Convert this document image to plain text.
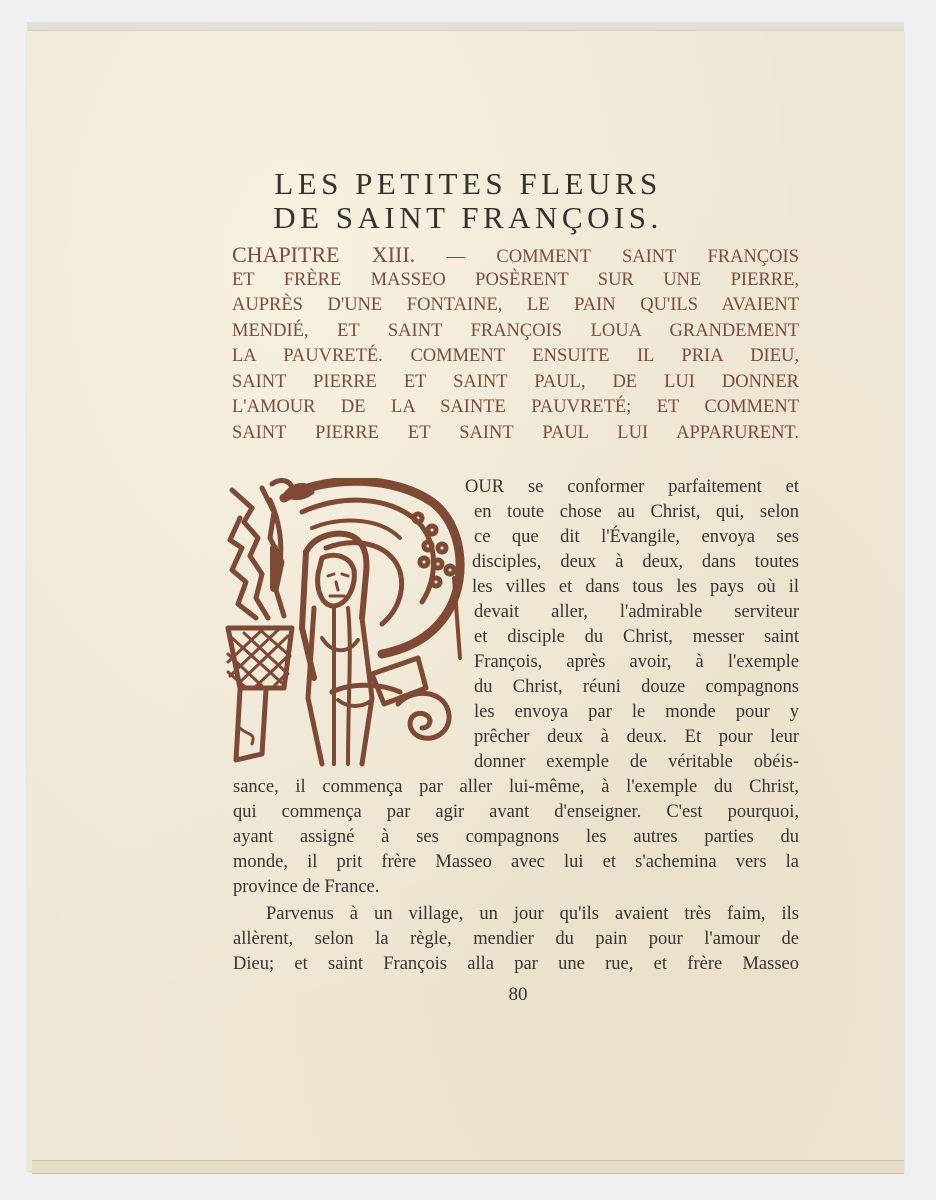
LES PETITES FLEURS
DE SAINT FRANÇOIS.
CHAPITRE XIII. — COMMENT SAINT FRANÇOIS
ET FRÈRE MASSEO POSÈRENT SUR UNE PIERRE,
AUPRÈS D'UNE FONTAINE, LE PAIN QU'ILS AVAIENT
MENDIÉ, ET SAINT FRANÇOIS LOUA GRANDEMENT
LA PAUVRETÉ. COMMENT ENSUITE IL PRIA DIEU,
SAINT PIERRE ET SAINT PAUL, DE LUI DONNER
L'AMOUR DE LA SAINTE PAUVRETÉ; ET COMMENT
SAINT PIERRE ET SAINT PAUL LUI APPARURENT.
OUR se conformer parfaitement et
en toute chose au Christ, qui, selon
ce que dit l'Évangile, envoya ses
disciples, deux à deux, dans toutes
les villes et dans tous les pays où il
devait aller, l'admirable serviteur
et disciple du Christ, messer saint
François, après avoir, à l'exemple
du Christ, réuni douze compagnons
les envoya par le monde pour y
prêcher deux à deux. Et pour leur
donner exemple de véritable obéis-
sance, il commença par aller lui-même, à l'exemple du Christ,
qui commença par agir avant d'enseigner. C'est pourquoi,
ayant assigné à ses compagnons les autres parties du
monde, il prit frère Masseo avec lui et s'achemina vers la
province de France.
Parvenus à un village, un jour qu'ils avaient très faim, ils
allèrent, selon la règle, mendier du pain pour l'amour de
Dieu; et saint François alla par une rue, et frère Masseo
80
